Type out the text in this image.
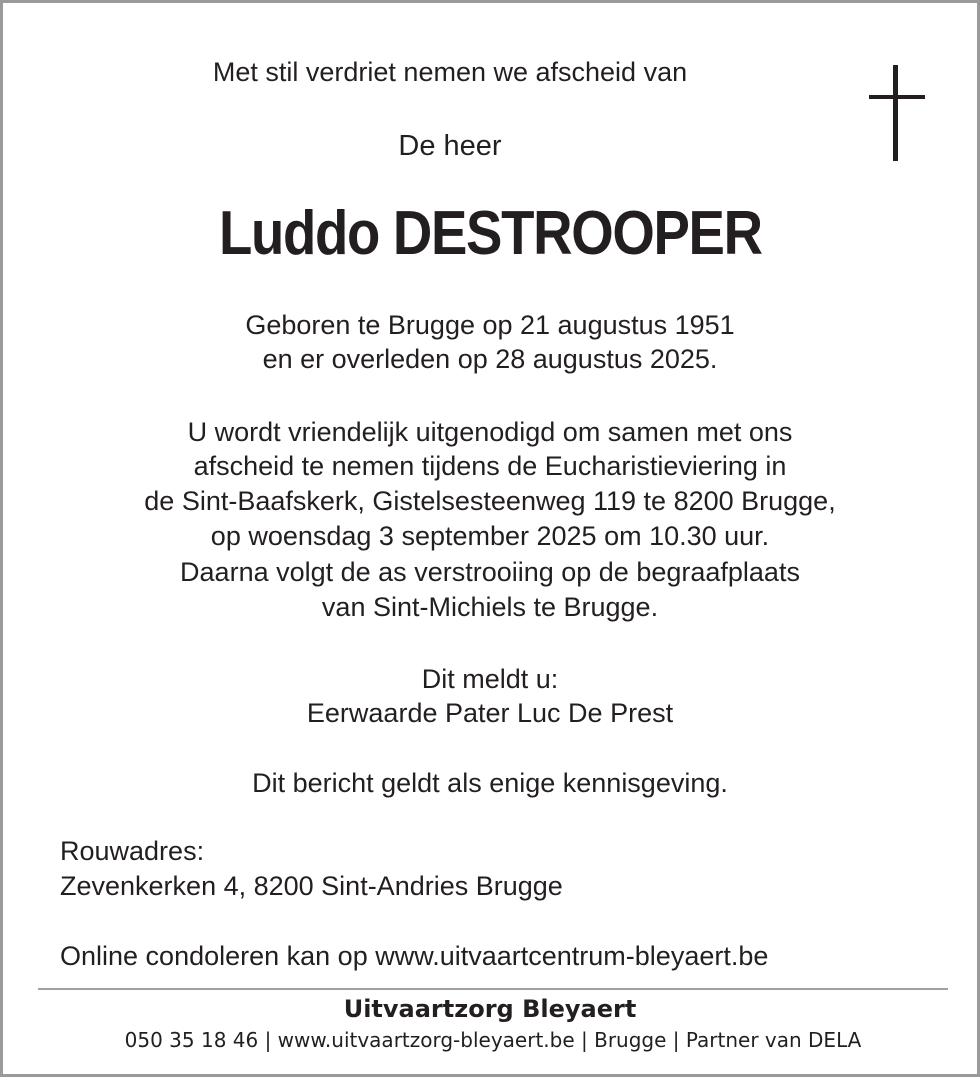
Met stil verdriet nemen we afscheid van
De heer
Luddo DESTROOPER
Geboren te Brugge op 21 augustus 1951
en er overleden op 28 augustus 2025.
U wordt vriendelijk uitgenodigd om samen met ons
afscheid te nemen tijdens de Eucharistieviering in
de Sint-Baafskerk, Gistelsesteenweg 119 te 8200 Brugge,
op woensdag 3 september 2025 om 10.30 uur.
Daarna volgt de as verstrooiing op de begraafplaats
van Sint-Michiels te Brugge.
Dit meldt u:
Eerwaarde Pater Luc De Prest
Dit bericht geldt als enige kennisgeving.
Rouwadres:
Zevenkerken 4, 8200 Sint-Andries Brugge
Online condoleren kan op www.uitvaartcentrum-bleyaert.be
Uitvaartzorg Bleyaert
050 35 18 46 | www.uitvaartzorg-bleyaert.be | Brugge | Partner van DELA
